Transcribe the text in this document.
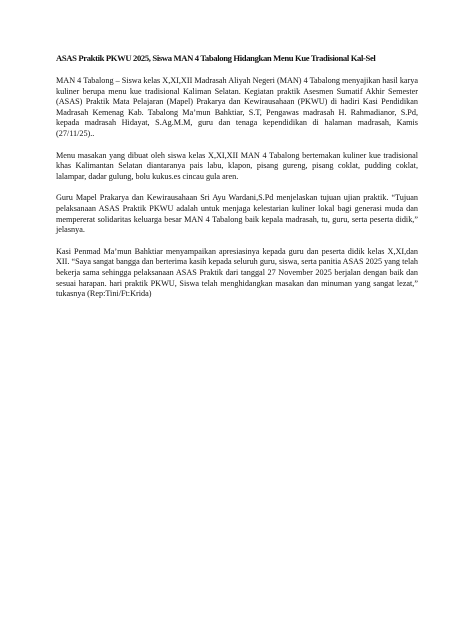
ASAS Praktik PKWU 2025, Siswa MAN 4 Tabalong Hidangkan Menu Kue Tradisional Kal-Sel

MAN 4 Tabalong – Siswa kelas X,XI,XII Madrasah Aliyah Negeri (MAN) 4 Tabalong menyajikan hasil karya kuliner berupa menu kue tradisional Kaliman Selatan. Kegiatan praktik Asesmen Sumatif Akhir Semester (ASAS) Praktik Mata Pelajaran (Mapel) Prakarya dan Kewirausahaan (PKWU) di hadiri Kasi Pendidikan Madrasah Kemenag Kab. Tabalong Ma’mun Bahktiar, S.T, Pengawas madrasah H. Rahmadianor, S.Pd, kepada madrasah Hidayat, S.Ag.M.M, guru dan tenaga kependidikan di halaman madrasah, Kamis (27/11/25)..

Menu masakan yang dibuat oleh siswa kelas X,XI,XII MAN 4 Tabalong bertemakan kuliner kue tradisional khas Kalimantan Selatan diantaranya pais labu, klapon, pisang gureng, pisang coklat, pudding coklat, lalampar, dadar gulung, bolu kukus.es cincau gula aren.

Guru Mapel Prakarya dan Kewirausahaan Sri Ayu Wardani,S.Pd menjelaskan tujuan ujian praktik. “Tujuan pelaksanaan ASAS Praktik PKWU adalah untuk menjaga kelestarian kuliner lokal bagi generasi muda dan mempererat solidaritas keluarga besar MAN 4 Tabalong baik kepala madrasah, tu, guru, serta peserta didik,” jelasnya.

Kasi Penmad Ma’mun Bahktiar menyampaikan apresiasinya kepada guru dan peserta didik kelas X,XI,dan XII. “Saya sangat bangga dan berterima kasih kepada seluruh guru, siswa, serta panitia ASAS 2025 yang telah bekerja sama sehingga pelaksanaan ASAS Praktik dari tanggal 27 November 2025 berjalan dengan baik dan sesuai harapan. hari praktik PKWU, Siswa telah menghidangkan masakan dan minuman yang sangat lezat,” tukasnya (Rep:Tini/Ft:Krida)
